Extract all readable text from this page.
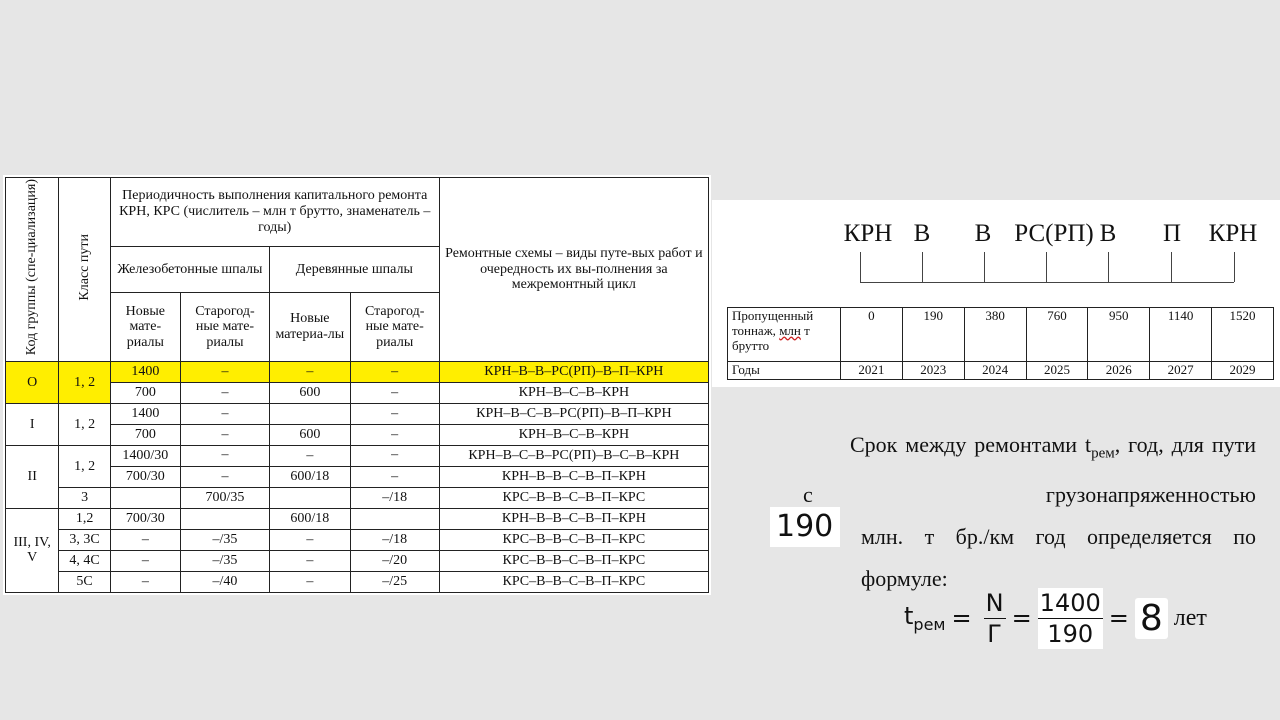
Код группы (спе-циализация)	Класс пути	Периодичность выполнения капитального ремонта КРН, КРС (числитель – млн т брутто, знаменатель – годы)				Ремонтные схемы – виды путе-вых работ и очередность их вы-полнения за межремонтный цикл
		Железобетонные шпалы		Деревянные шпалы		
		Новые мате-риалы	Старогод-ные мате-риалы	Новые материа-лы	Старогод-ные мате-риалы	
О	1, 2	1400	–	–	–	КРН–В–В–РС(РП)–В–П–КРН
		700	–	600	–	КРН–В–С–В–КРН
I	1, 2	1400	–		–	КРН–В–С–В–РС(РП)–В–П–КРН
		700	–	600	–	КРН–В–С–В–КРН
II	1, 2	1400/30	–	–	–	КРН–В–С–В–РС(РП)–В–С–В–КРН
		700/30	–	600/18	–	КРН–В–В–С–В–П–КРН
	3		700/35		–/18	КРС–В–В–С–В–П–КРС
III, IV, V	1,2	700/30		600/18		КРН–В–В–С–В–П–КРН
	3, 3С	–	–/35	–	–/18	КРС–В–В–С–В–П–КРС
	4, 4С	–	–/35	–	–/20	КРС–В–В–С–В–П–КРС
	5С	–	–/40	–	–/25	КРС–В–В–С–В–П–КРС
КРН В В РС(РП) В П КРН
Пропущенный тоннаж, млн т брутто	0	190	380	760	950	1140	1520
Годы	2021	2023	2024	2025	2026	2027	2029

Срок между ремонтами $t_{рем}$, год, для пути с грузонапряженностью

млн. т бр./км год определяется по формуле:

190
$t_{рем} = \frac{N}{Г} = \frac{1400}{190} = 8$ лет
